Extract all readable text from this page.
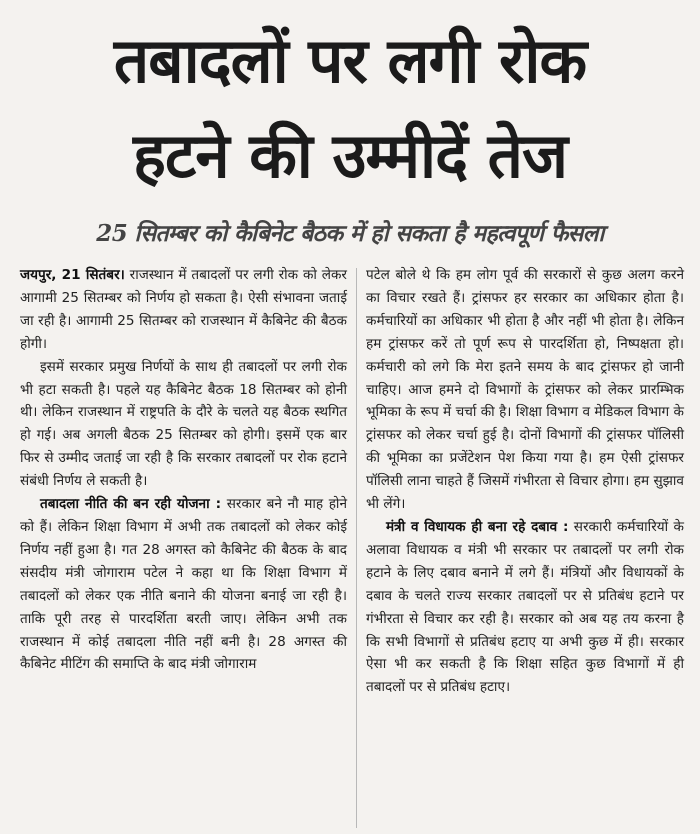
तबादलों पर लगी रोक
हटने की उम्मीदें तेज
25 सितम्बर को कैबिनेट बैठक में हो सकता है महत्वपूर्ण फैसला

जयपुर, 21 सितंबर। राजस्थान में तबादलों पर लगी रोक को लेकर आगामी 25 सितम्बर को निर्णय हो सकता है। ऐसी संभावना जताई जा रही है। आगामी 25 सितम्बर को राजस्थान में कैबिनेट की बैठक होगी।

इसमें सरकार प्रमुख निर्णयों के साथ ही तबादलों पर लगी रोक भी हटा सकती है। पहले यह कैबिनेट बैठक 18 सितम्बर को होनी थी। लेकिन राजस्थान में राष्ट्रपति के दौरे के चलते यह बैठक स्थगित हो गई। अब अगली बैठक 25 सितम्बर को होगी। इसमें एक बार फिर से उम्मीद जताई जा रही है कि सरकार तबादलों पर रोक हटाने संबंधी निर्णय ले सकती है।

तबादला नीति की बन रही योजना : सरकार बने नौ माह होने को हैं। लेकिन शिक्षा विभाग में अभी तक तबादलों को लेकर कोई निर्णय नहीं हुआ है। गत 28 अगस्त को कैबिनेट की बैठक के बाद संसदीय मंत्री जोगाराम पटेल ने कहा था कि शिक्षा विभाग में तबादलों को लेकर एक नीति बनाने की योजना बनाई जा रही है। ताकि पूरी तरह से पारदर्शिता बरती जाए। लेकिन अभी तक राजस्थान में कोई तबादला नीति नहीं बनी है। 28 अगस्त की कैबिनेट मीटिंग की समाप्ति के बाद मंत्री जोगाराम

पटेल बोले थे कि हम लोग पूर्व की सरकारों से कुछ अलग करने का विचार रखते हैं। ट्रांसफर हर सरकार का अधिकार होता है। कर्मचारियों का अधिकार भी होता है और नहीं भी होता है। लेकिन हम ट्रांसफर करें तो पूर्ण रूप से पारदर्शिता हो, निष्पक्षता हो। कर्मचारी को लगे कि मेरा इतने समय के बाद ट्रांसफर हो जानी चाहिए। आज हमने दो विभागों के ट्रांसफर को लेकर प्रारम्भिक भूमिका के रूप में चर्चा की है। शिक्षा विभाग व मेडिकल विभाग के ट्रांसफर को लेकर चर्चा हुई है। दोनों विभागों की ट्रांसफर पॉलिसी की भूमिका का प्रजेंटेशन पेश किया गया है। हम ऐसी ट्रांसफर पॉलिसी लाना चाहते हैं जिसमें गंभीरता से विचार होगा। हम सुझाव भी लेंगे।

मंत्री व विधायक ही बना रहे दबाव : सरकारी कर्मचारियों के अलावा विधायक व मंत्री भी सरकार पर तबादलों पर लगी रोक हटाने के लिए दबाव बनाने में लगे हैं। मंत्रियों और विधायकों के दबाव के चलते राज्य सरकार तबादलों पर से प्रतिबंध हटाने पर गंभीरता से विचार कर रही है। सरकार को अब यह तय करना है कि सभी विभागों से प्रतिबंध हटाए या अभी कुछ में ही। सरकार ऐसा भी कर सकती है कि शिक्षा सहित कुछ विभागों में ही तबादलों पर से प्रतिबंध हटाए।
